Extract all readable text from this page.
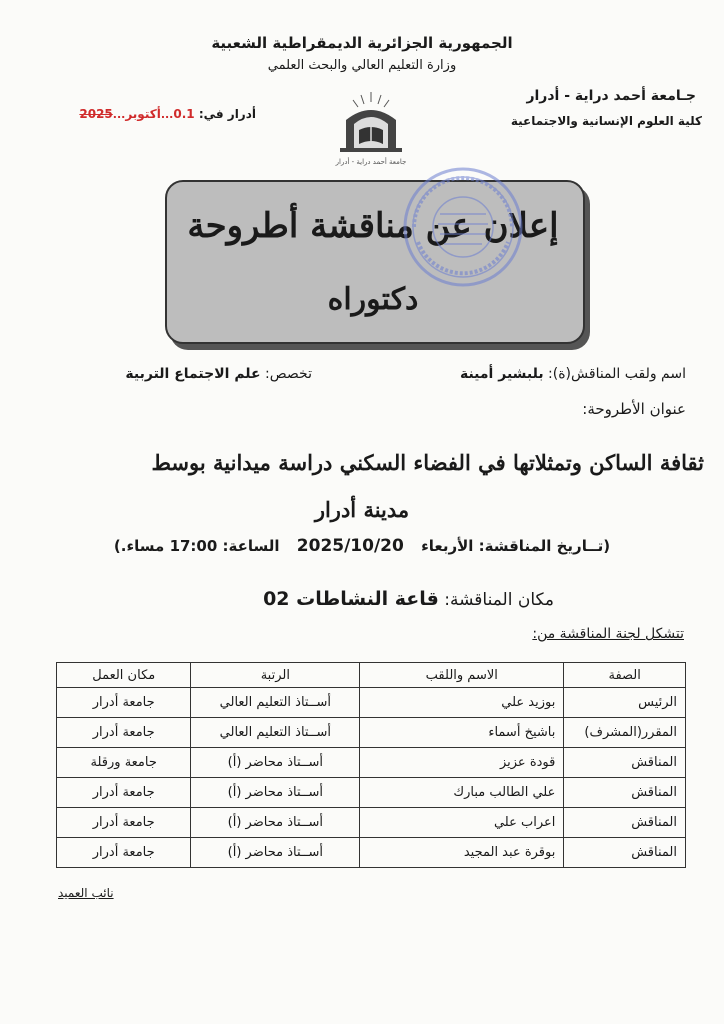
الجمهورية الجزائرية الديمقراطية الشعبية
وزارة التعليم العالي والبحث العلمي
جـامعة أحمد دراية - أدرار
كلية العلوم الإنسانية والاجتماعية
أدرار في: 0.1...أكتوبر...2025
جامعة أحمد دراية - أدرار
إعلان عن مناقشة أطروحة
دكتوراه
اسم ولقب المناقش(ة): بلبشير أمينة
تخصص: علم الاجتماع التربية
عنوان الأطروحة:
ثقافة الساكن وتمثلاتها في الفضاء السكني دراسة ميدانية بوسط
مدينة أدرار
(تــاريخ المناقشة: الأربعاء 2025/10/20 الساعة: 17:00 مساء.)
مكان المناقشة: قاعة النشاطات 02
تتشكل لجنة المناقشة من:
الصفة	الاسم واللقب	الرتبة	مكان العمل
الرئيس	بوزيد علي	أســتاذ التعليم العالي	جامعة أدرار
المقرر(المشرف)	باشيخ أسماء	أســتاذ التعليم العالي	جامعة أدرار
المناقش	قودة عزيز	أســتاذ محاضر (أ)	جامعة ورقلة
المناقش	علي الطالب مبارك	أســتاذ محاضر (أ)	جامعة أدرار
المناقش	اعراب علي	أســتاذ محاضر (أ)	جامعة أدرار
المناقش	بوقرة عبد المجيد	أســتاذ محاضر (أ)	جامعة أدرار
نائب العميد
